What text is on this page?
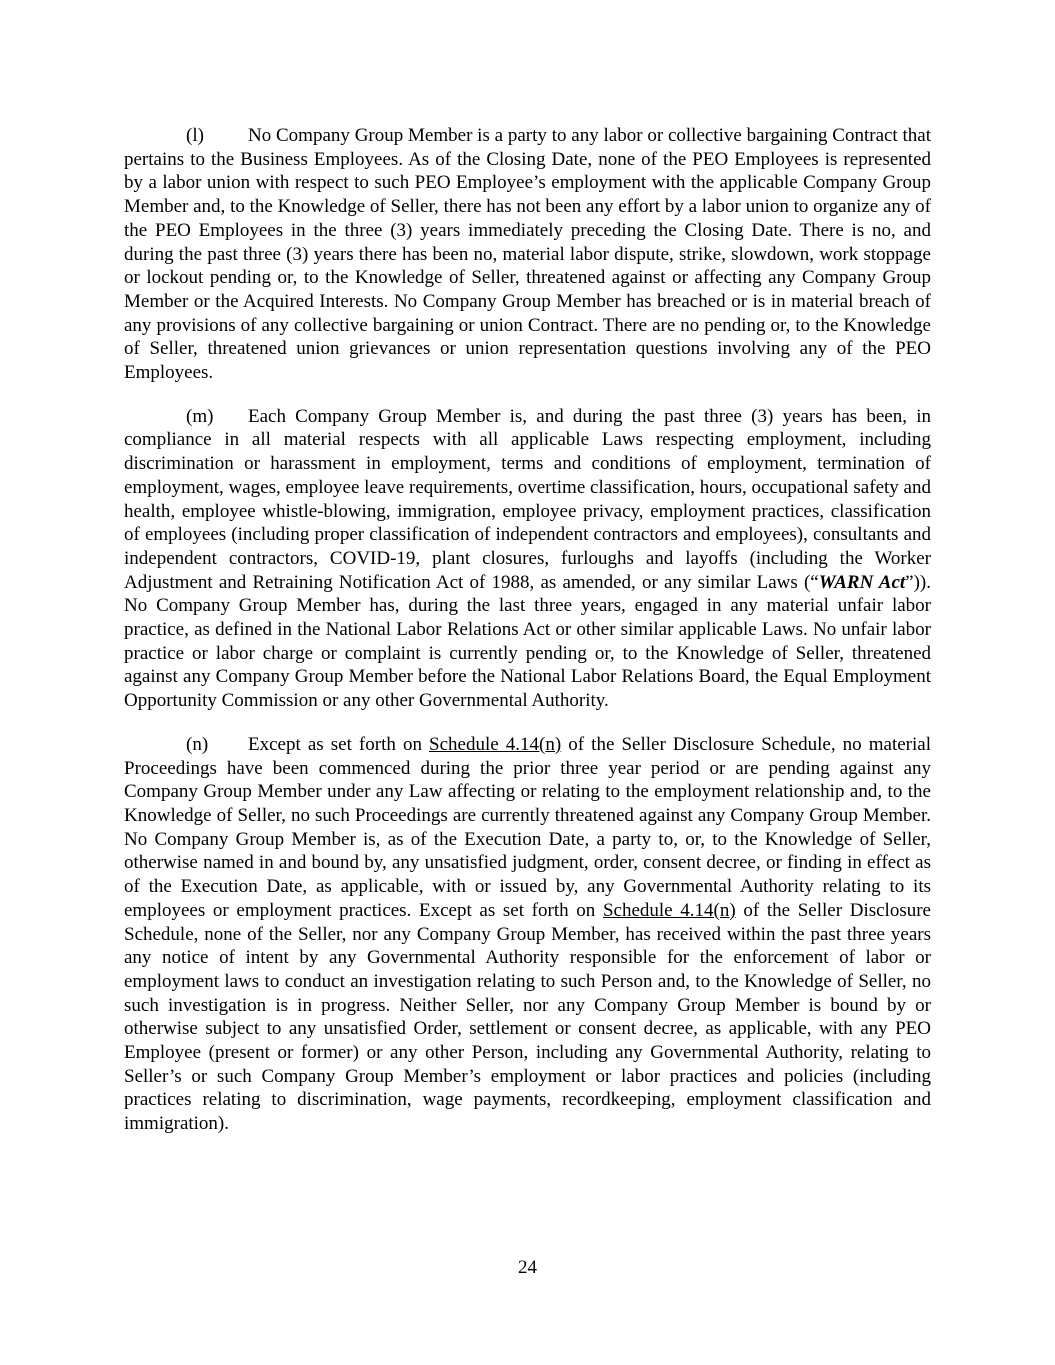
(l) No Company Group Member is a party to any labor or collective bargaining Contract that pertains to the Business Employees. As of the Closing Date, none of the PEO Employees is represented by a labor union with respect to such PEO Employee’s employment with the applicable Company Group Member and, to the Knowledge of Seller, there has not been any effort by a labor union to organize any of the PEO Employees in the three (3) years immediately preceding the Closing Date. There is no, and during the past three (3) years there has been no, material labor dispute, strike, slowdown, work stoppage or lockout pending or, to the Knowledge of Seller, threatened against or affecting any Company Group Member or the Acquired Interests. No Company Group Member has breached or is in material breach of any provisions of any collective bargaining or union Contract. There are no pending or, to the Knowledge of Seller, threatened union grievances or union representation questions involving any of the PEO Employees.

(m) Each Company Group Member is, and during the past three (3) years has been, in compliance in all material respects with all applicable Laws respecting employment, including discrimination or harassment in employment, terms and conditions of employment, termination of employment, wages, employee leave requirements, overtime classification, hours, occupational safety and health, employee whistle-blowing, immigration, employee privacy, employment practices, classification of employees (including proper classification of independent contractors and employees), consultants and independent contractors, COVID-19, plant closures, furloughs and layoffs (including the Worker Adjustment and Retraining Notification Act of 1988, as amended, or any similar Laws (“WARN Act”)). No Company Group Member has, during the last three years, engaged in any material unfair labor practice, as defined in the National Labor Relations Act or other similar applicable Laws. No unfair labor practice or labor charge or complaint is currently pending or, to the Knowledge of Seller, threatened against any Company Group Member before the National Labor Relations Board, the Equal Employment Opportunity Commission or any other Governmental Authority.

(n) Except as set forth on Schedule 4.14(n) of the Seller Disclosure Schedule, no material Proceedings have been commenced during the prior three year period or are pending against any Company Group Member under any Law affecting or relating to the employment relationship and, to the Knowledge of Seller, no such Proceedings are currently threatened against any Company Group Member. No Company Group Member is, as of the Execution Date, a party to, or, to the Knowledge of Seller, otherwise named in and bound by, any unsatisfied judgment, order, consent decree, or finding in effect as of the Execution Date, as applicable, with or issued by, any Governmental Authority relating to its employees or employment practices. Except as set forth on Schedule 4.14(n) of the Seller Disclosure Schedule, none of the Seller, nor any Company Group Member, has received within the past three years any notice of intent by any Governmental Authority responsible for the enforcement of labor or employment laws to conduct an investigation relating to such Person and, to the Knowledge of Seller, no such investigation is in progress. Neither Seller, nor any Company Group Member is bound by or otherwise subject to any unsatisfied Order, settlement or consent decree, as applicable, with any PEO Employee (present or former) or any other Person, including any Governmental Authority, relating to Seller’s or such Company Group Member’s employment or labor practices and policies (including practices relating to discrimination, wage payments, recordkeeping, employment classification and immigration).

24
